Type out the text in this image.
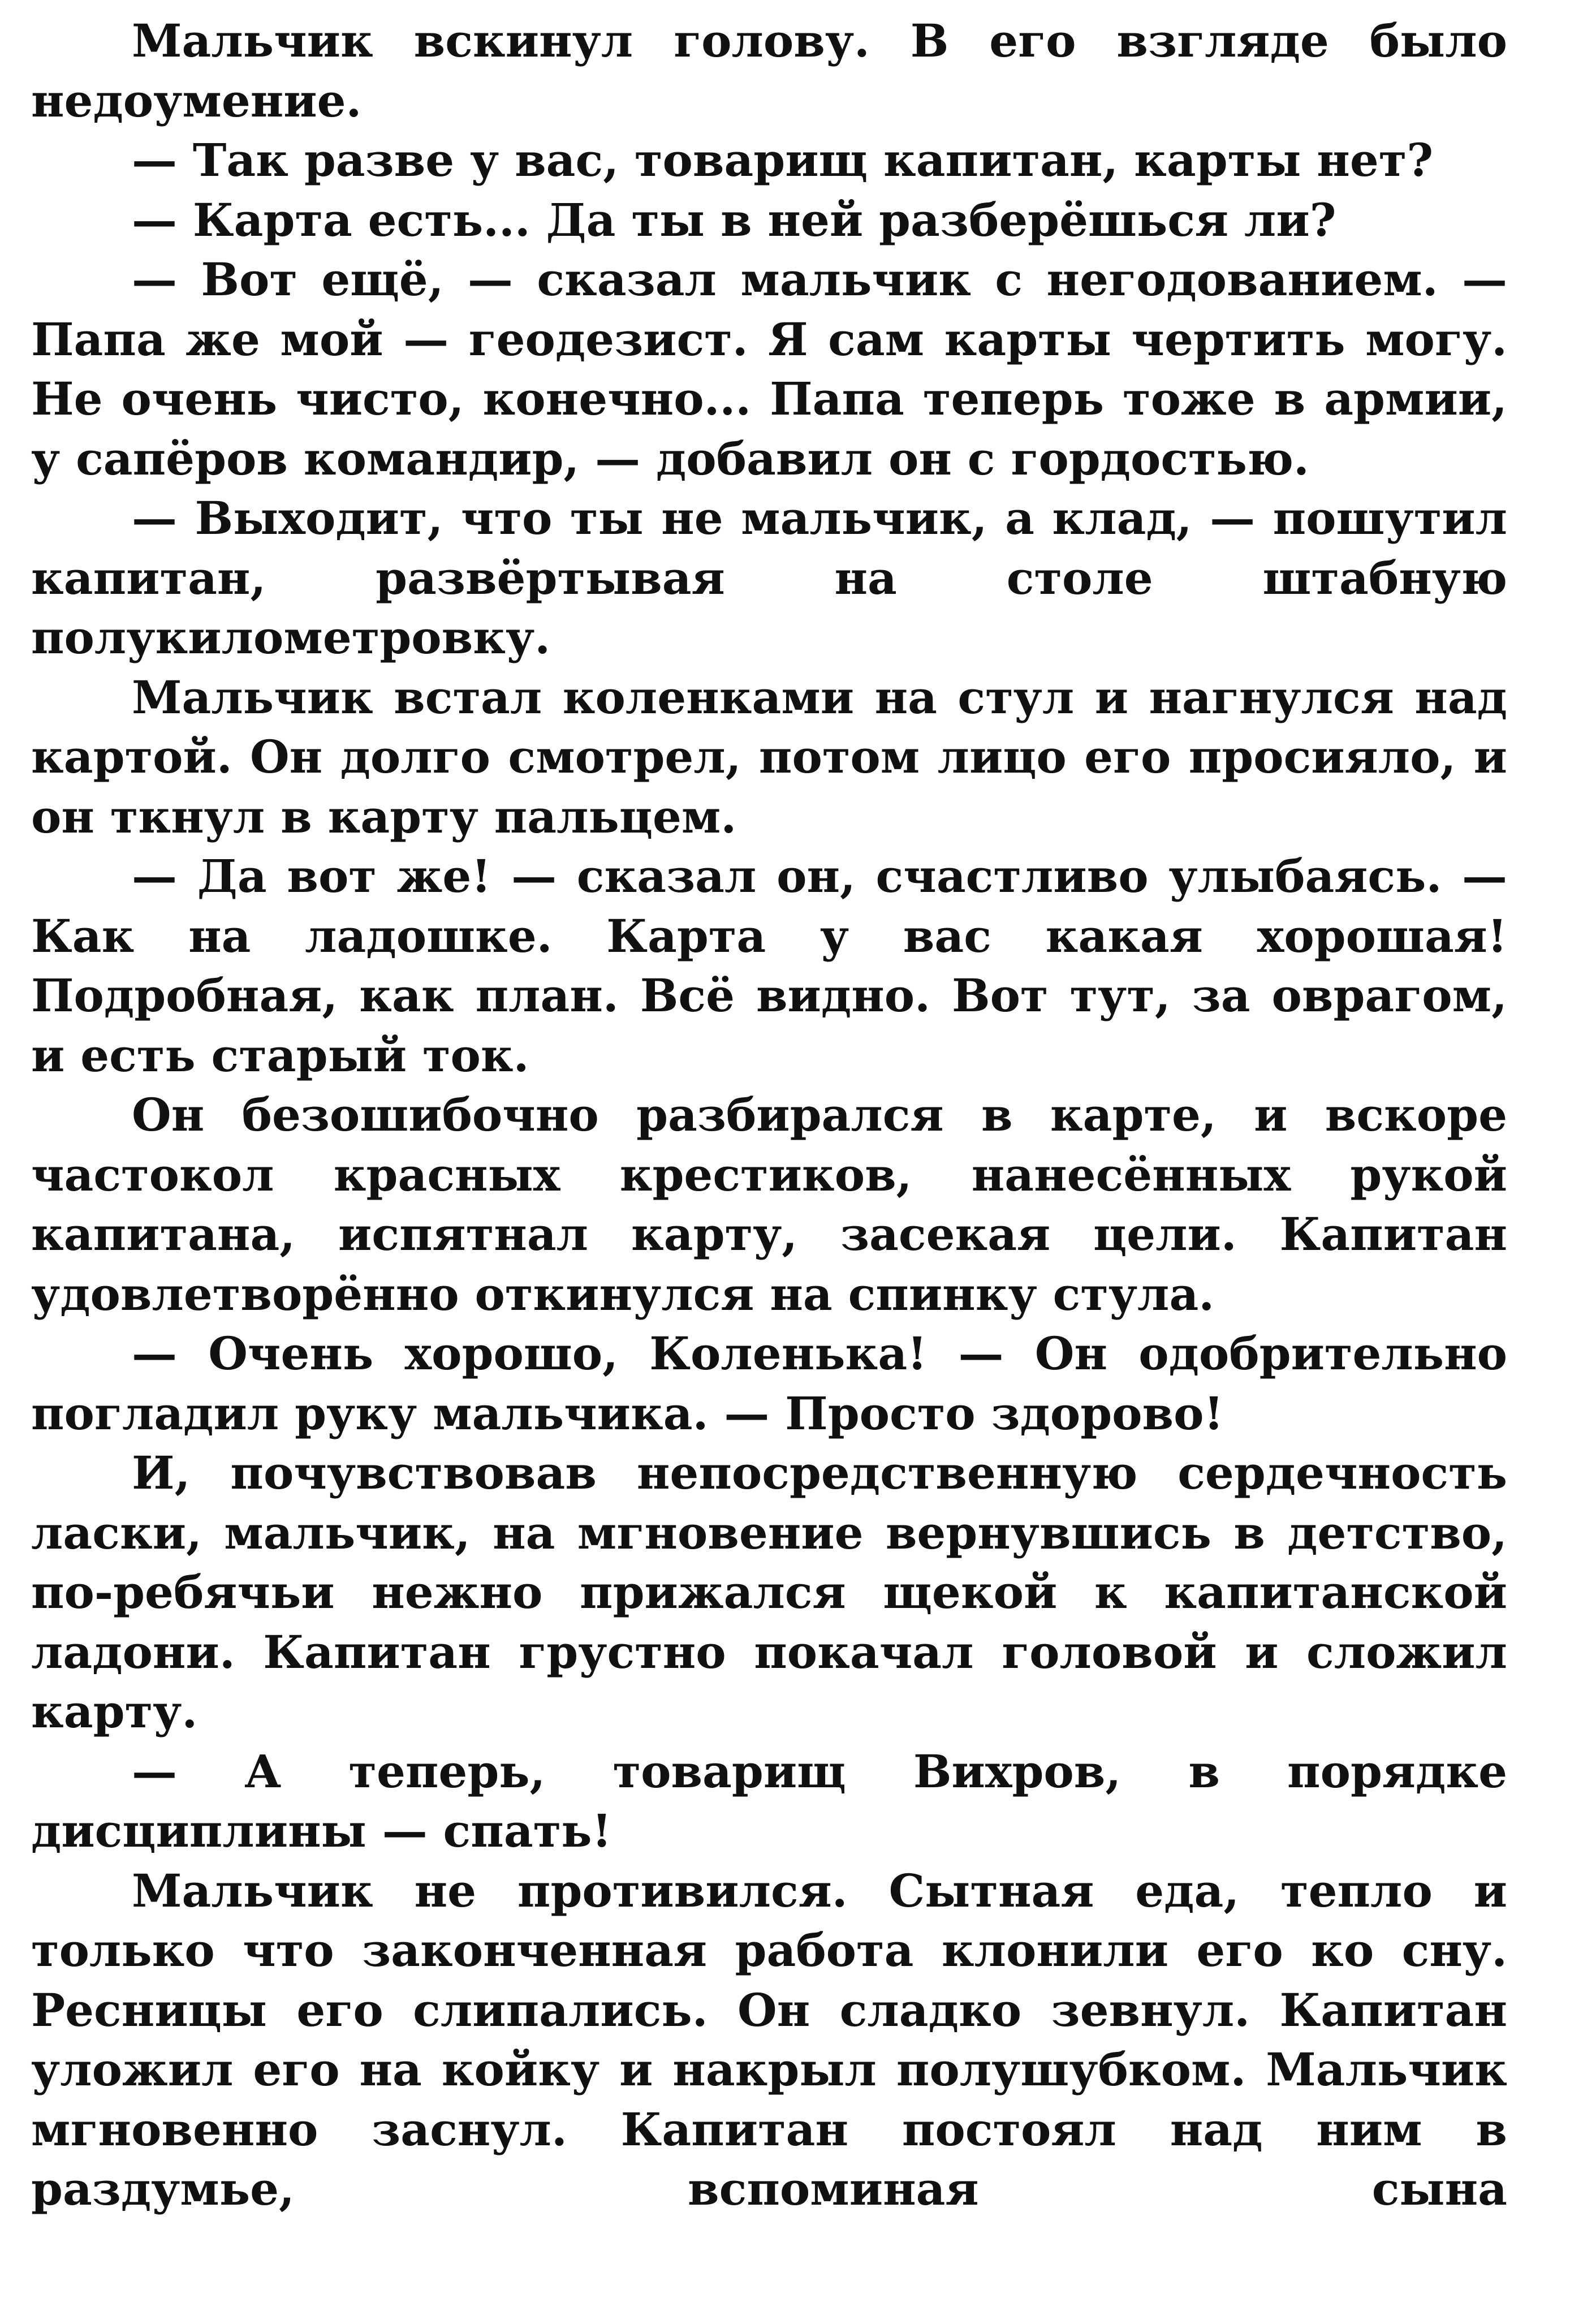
Мальчик вскинул голову. В его взгляде было недоумение.

— Так разве у вас, товарищ капитан, карты нет?

— Карта есть... Да ты в ней разберёшься ли?

— Вот ещё, — сказал мальчик с негодованием. — Папа же мой — геодезист. Я сам карты чертить могу. Не очень чисто, конечно... Папа теперь тоже в армии, у сапёров командир, — добавил он с гордостью.

— Выходит, что ты не мальчик, а клад, — пошутил капитан, развёртывая на столе штабную полукилометровку.

Мальчик встал коленками на стул и нагнулся над картой. Он долго смотрел, потом лицо его просияло, и он ткнул в карту пальцем.

— Да вот же! — сказал он, счастливо улыбаясь. — Как на ладошке. Карта у вас какая хорошая! Подробная, как план. Всё видно. Вот тут, за оврагом, и есть старый ток.

Он безошибочно разбирался в карте, и вскоре частокол красных крестиков, нанесённых рукой капитана, испятнал карту, засекая цели. Капитан удовлетворённо откинулся на спинку стула.

— Очень хорошо, Коленька! — Он одобрительно погладил руку мальчика. — Просто здорово!

И, почувствовав непосредственную сердечность ласки, мальчик, на мгновение вернувшись в детство, по-ребячьи нежно прижался щекой к капитанской ладони. Капитан грустно покачал головой и сложил карту.

— А теперь, товарищ Вихров, в порядке дисциплины — спать!

Мальчик не противился. Сытная еда, тепло и только что законченная работа клонили его ко сну. Ресницы его слипались. Он сладко зевнул. Капитан уложил его на койку и накрыл полушубком. Мальчик мгновенно заснул. Капитан постоял над ним в раздумье, вспоминая сына
